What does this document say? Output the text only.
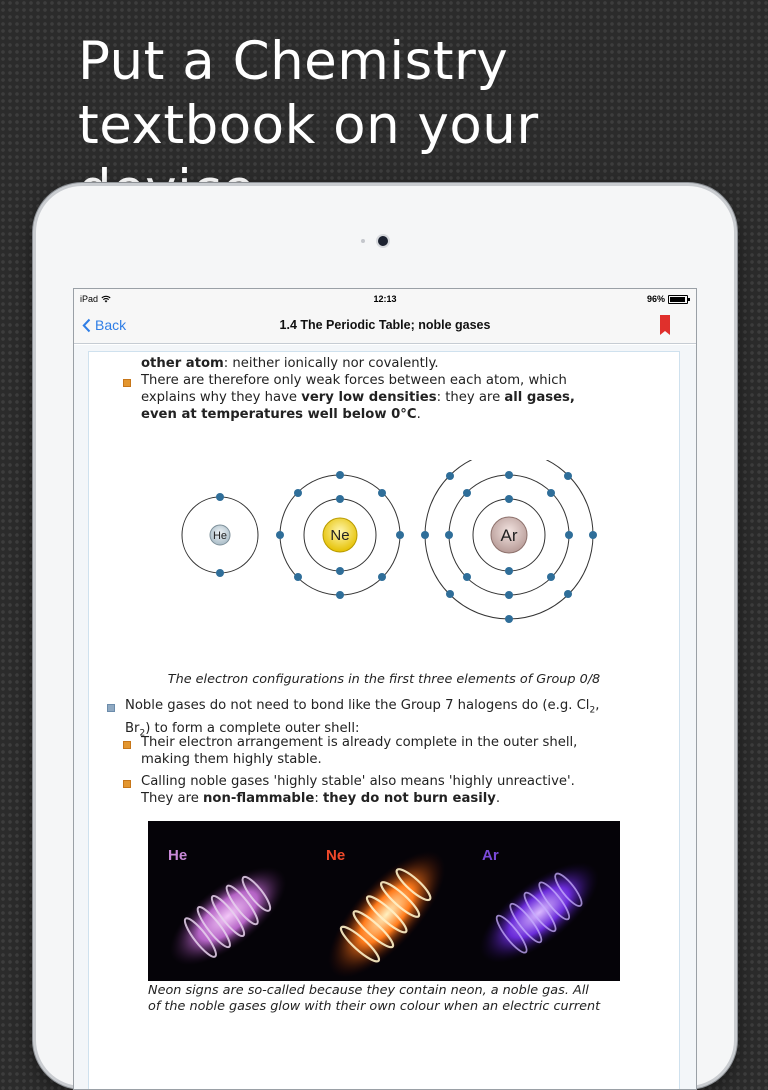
Put a Chemistry textbook on your
iPad	12:13	96%
Back	1.4 The Periodic Table; noble gases
other atom: neither ionically nor covalently.
There are therefore only weak forces between each atom, which
explains why they have very low densities: they are all gases,
even at temperatures well below 0°C.
He	Ne	Ar
The electron configurations in the first three elements of Group 0/8
Noble gases do not need to bond like the Group 7 halogens do (e.g. $Cl_2$,
$Br_2$) to form a complete outer shell:
Their electron arrangement is already complete in the outer shell,
making them highly stable.
Calling noble gases 'highly stable' also means 'highly unreactive'.
They are non-flammable: they do not burn easily.
He	Ne	Ar
Neon signs are so-called because they contain neon, a noble gas. All
of the noble gases glow with their own colour when an electric current
